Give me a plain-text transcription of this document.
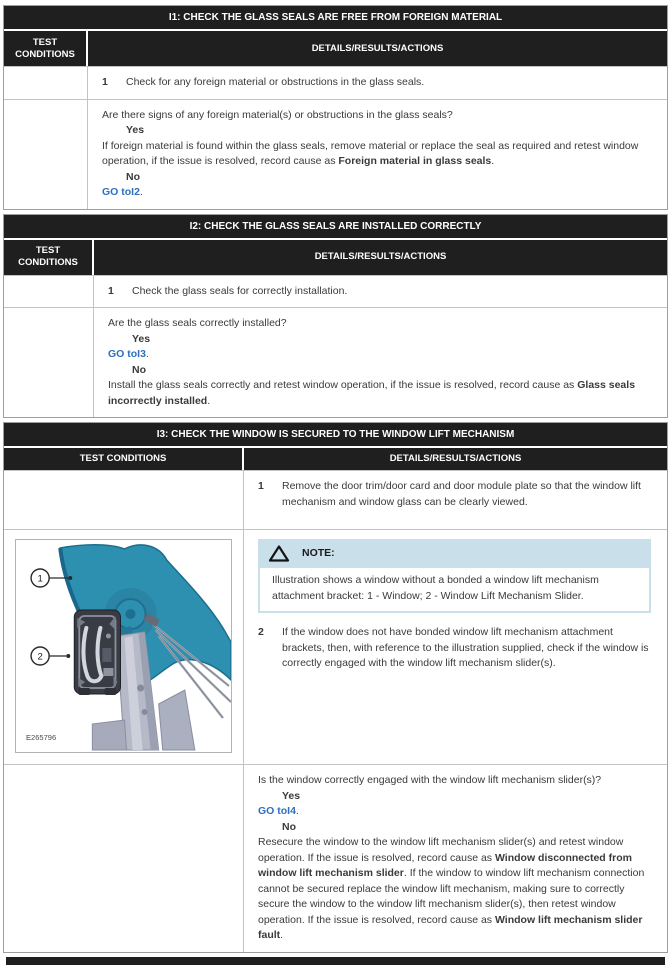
I1: CHECK THE GLASS SEALS ARE FREE FROM FOREIGN MATERIAL
TEST CONDITIONS
DETAILS/RESULTS/ACTIONS
1	Check for any foreign material or obstructions in the glass seals.
Are there signs of any foreign material(s) or obstructions in the glass seals?
Yes
If foreign material is found within the glass seals, remove material or replace the seal as required and retest window operation, if the issue is resolved, record cause as Foreign material in glass seals.
No
GO toI2.
I2: CHECK THE GLASS SEALS ARE INSTALLED CORRECTLY
TEST CONDITIONS
DETAILS/RESULTS/ACTIONS
1	Check the glass seals for correctly installation.
Are the glass seals correctly installed?
Yes
GO toI3.
No
Install the glass seals correctly and retest window operation, if the issue is resolved, record cause as Glass seals incorrectly installed.
I3: CHECK THE WINDOW IS SECURED TO THE WINDOW LIFT MECHANISM
TEST CONDITIONS	DETAILS/RESULTS/ACTIONS
1	Remove the door trim/door card and door module plate so that the window lift mechanism and window glass can be clearly viewed.
1
2
E265796
NOTE:
Illustration shows a window without a bonded a window lift mechanism attachment bracket: 1 - Window; 2 - Window Lift Mechanism Slider.
2	If the window does not have bonded window lift mechanism attachment brackets, then, with reference to the illustration supplied, check if the window is correctly engaged with the window lift mechanism slider(s).
Is the window correctly engaged with the window lift mechanism slider(s)?
Yes
GO toI4.
No
Resecure the window to the window lift mechanism slider(s) and retest window operation. If the issue is resolved, record cause as Window disconnected from window lift mechanism slider. If the window to window lift mechanism connection cannot be secured replace the window lift mechanism, making sure to correctly secure the window to the window lift mechanism slider(s), then retest window operation. If the issue is resolved, record cause as Window lift mechanism slider fault.
